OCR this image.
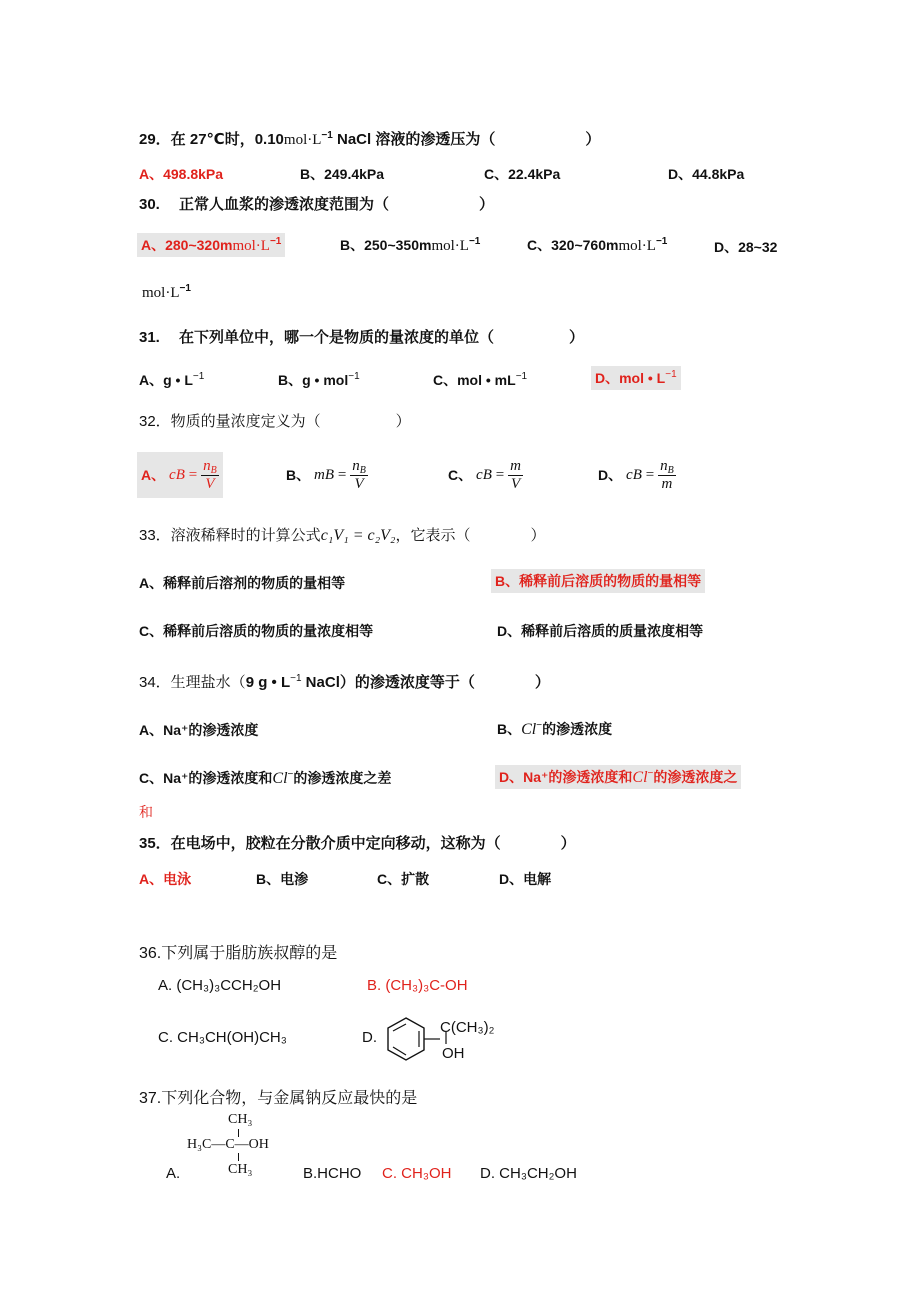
29．在 27℃时，$0.10mol\cdot L^{-1}$ NaCl 溶液的渗透压为（　　　　　　）
A、498.8kPa	B、249.4kPa	C、22.4kPa	D、44.8kPa
30.　 正常人血浆的渗透浓度范围为（　　　　　　）
A、$280\sim 320mmol\cdot L^{-1}$	B、$250\sim 350mmol\cdot L^{-1}$	C、$320\sim 760mmol\cdot L^{-1}$	D、28~32
$mol\cdot L^{-1}$
31.　 在下列单位中，哪一个是物质的量浓度的单位（　　　　　）
A、g • $L^{-1}$	B、g • mol$^{-1}$	C、mol • $mL^{-1}$	D、mol • $L^{-1}$
32．物质的量浓度定义为（　　　　　）
A、
c B
=
$\frac{n_B}{V}$	B、
m B
=
$\frac{n_B}{V}$	C、
c B
=
$\frac{m}{V}$	D、
c B
=
$\frac{n_B}{m}$
33．溶液稀释时的计算公式c₁V₁ = c₂V₂，它表示（　　　　）
A、稀释前后溶剂的物质的量相等	B、稀释前后溶质的物质的量相等
C、稀释前后溶质的物质的量浓度相等	D、稀释前后溶质的质量浓度相等
34．生理盐水（9 g • $L^{-1}$ NaCl）的渗透浓度等于（　　　　）
A、Na⁺的渗透浓度	B、Cl−的渗透浓度
C、Na⁺的渗透浓度和Cl−的渗透浓度之差	D、Na⁺的渗透浓度和Cl−的渗透浓度之
和
35．在电场中，胶粒在分散介质中定向移动，这称为（　　　　）
A、电泳	B、电渗	C、扩散	D、电解
36.下列属于脂肪族叔醇的是
A. (CH₃)₃CCH₂OH	B. (CH₃)₃C-OH
C. CH₃CH(OH)CH₃	D.
C(CH₃)₂
OH
37.下列化合物，与金属钠反应最快的是
CH₃
H₃C—C—OH
CH₃
A.	B.HCHO C. CH₃OH D. CH₃CH₂OH
